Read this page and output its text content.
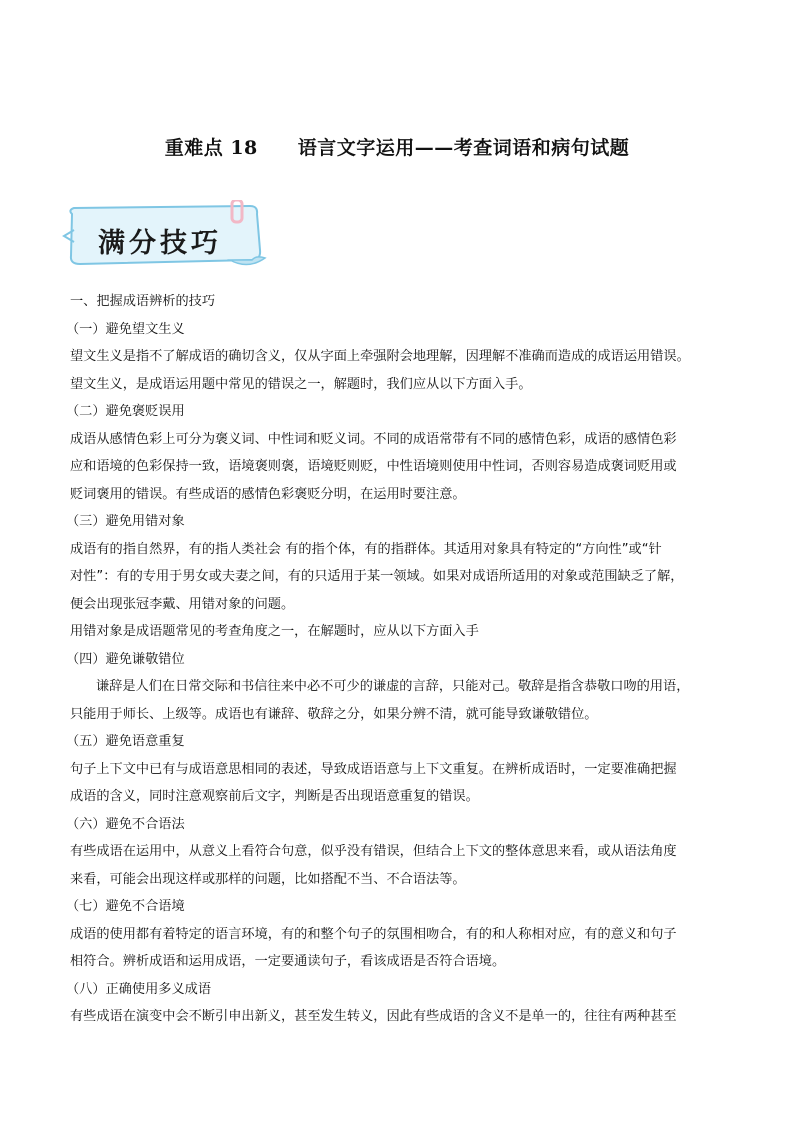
重难点 18 语言文字运用——考查词语和病句试题
满分技巧
一、把握成语辨析的技巧
（一）避免望文生义
望文生义是指不了解成语的确切含义，仅从字面上牵强附会地理解，因理解不准确而造成的成语运用错误。
望文生义，是成语运用题中常见的错误之一，解题时，我们应从以下方面入手。
（二）避免褒贬误用
成语从感情色彩上可分为褒义词、中性词和贬义词。不同的成语常带有不同的感情色彩，成语的感情色彩
应和语境的色彩保持一致，语境褒则褒，语境贬则贬，中性语境则使用中性词，否则容易造成褒词贬用或
贬词褒用的错误。有些成语的感情色彩褒贬分明，在运用时要注意。
（三）避免用错对象
成语有的指自然界，有的指人类社会 有的指个体，有的指群体。其适用对象具有特定的“方向性”或“针
对性”：有的专用于男女或夫妻之间，有的只适用于某一领域。如果对成语所适用的对象或范围缺乏了解，
便会出现张冠李戴、用错对象的问题。
用错对象是成语题常见的考查角度之一，在解题时，应从以下方面入手
（四）避免谦敬错位
谦辞是人们在日常交际和书信往来中必不可少的谦虚的言辞，只能对己。敬辞是指含恭敬口吻的用语，
只能用于师长、上级等。成语也有谦辞、敬辞之分，如果分辨不清，就可能导致谦敬错位。
（五）避免语意重复
句子上下文中已有与成语意思相同的表述，导致成语语意与上下文重复。在辨析成语时，一定要准确把握
成语的含义，同时注意观察前后文字，判断是否出现语意重复的错误。
（六）避免不合语法
有些成语在运用中，从意义上看符合句意，似乎没有错误，但结合上下文的整体意思来看，或从语法角度
来看，可能会出现这样或那样的问题，比如搭配不当、不合语法等。
（七）避免不合语境
成语的使用都有着特定的语言环境，有的和整个句子的氛围相吻合，有的和人称相对应，有的意义和句子
相符合。辨析成语和运用成语，一定要通读句子，看该成语是否符合语境。
（八）正确使用多义成语
有些成语在演变中会不断引申出新义，甚至发生转义，因此有些成语的含义不是单一的，往往有两种甚至
